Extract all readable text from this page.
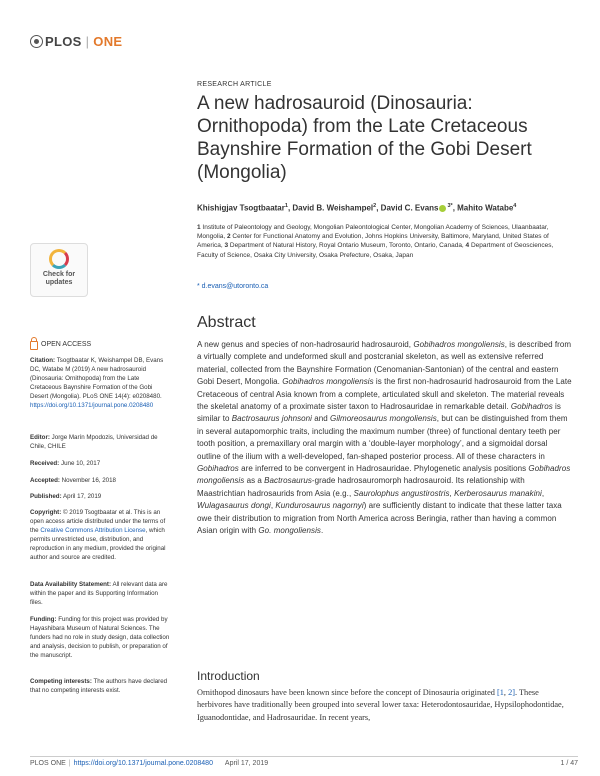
PLOS | ONE
RESEARCH ARTICLE
A new hadrosauroid (Dinosauria: Ornithopoda) from the Late Cretaceous Baynshire Formation of the Gobi Desert (Mongolia)
Khishigjav Tsogtbaatar$^1$, David B. Weishampel$^2$, David C. Evans $^{3*}$, Mahito Watabe$^4$
1 Institute of Paleontology and Geology, Mongolian Paleontological Center, Mongolian Academy of Sciences, Ulaanbaatar, Mongolia, 2 Center for Functional Anatomy and Evolution, Johns Hopkins University, Baltimore, Maryland, United States of America, 3 Department of Natural History, Royal Ontario Museum, Toronto, Ontario, Canada, 4 Department of Geosciences, Faculty of Science, Osaka City University, Osaka Prefecture, Osaka, Japan
* d.evans@utoronto.ca
Abstract

A new genus and species of non-hadrosaurid hadrosauroid, Gobihadros mongoliensis, is described from a virtually complete and undeformed skull and postcranial skeleton, as well as extensive referred material, collected from the Baynshire Formation (Cenomanian-Santonian) of the central and eastern Gobi Desert, Mongolia. Gobihadros mongoliensis is the first non-hadrosaurid hadrosauroid from the Late Cretaceous of central Asia known from a complete, articulated skull and skeleton. The material reveals the skeletal anatomy of a proximate sister taxon to Hadrosauridae in remarkable detail. Gobihadros is similar to Bactrosaurus johnsoni and Gilmoreosaurus mongoliensis, but can be distinguished from them in several autapomorphic traits, including the maximum number (three) of functional dentary teeth per tooth position, a premaxillary oral margin with a ‘double-layer morphology’, and a sigmoidal dorsal outline of the ilium with a well-developed, fan-shaped posterior process. All of these characters in Gobihadros are inferred to be convergent in Hadrosauridae. Phylogenetic analysis positions Gobihadros mongoliensis as a Bactrosaurus-grade hadrosauromorph hadrosauroid. Its relationship with Maastrichtian hadrosaurids from Asia (e.g., Saurolophus angustirostris, Kerberosaurus manakini, Wulagasaurus dongi, Kundurosaurus nagornyi) are sufficiently distant to indicate that these latter taxa owe their distribution to migration from North America across Beringia, rather than having a common Asian origin with Go. mongoliensis.

Introduction

Ornithopod dinosaurs have been known since before the concept of Dinosauria originated [1, 2]. These herbivores have traditionally been grouped into several lower taxa: Heterodontosauridae, Hypsilophodontidae, Iguanodontidae, and Hadrosauridae. In recent years,

Check for
updates
OPEN ACCESS
Citation: Tsogtbaatar K, Weishampel DB, Evans DC, Watabe M (2019) A new hadrosauroid (Dinosauria: Ornithopoda) from the Late Cretaceous Baynshire Formation of the Gobi Desert (Mongolia). PLoS ONE 14(4): e0208480. https://doi.org/10.1371/journal.pone.0208480
Editor: Jorge Marín Mpodozis, Universidad de Chile, CHILE
Received: June 10, 2017
Accepted: November 16, 2018
Published: April 17, 2019
Copyright: © 2019 Tsogtbaatar et al. This is an open access article distributed under the terms of the Creative Commons Attribution License, which permits unrestricted use, distribution, and reproduction in any medium, provided the original author and source are credited.
Data Availability Statement: All relevant data are within the paper and its Supporting Information files.
Funding: Funding for this project was provided by Hayashibara Museum of Natural Sciences. The funders had no role in study design, data collection and analysis, decision to publish, or preparation of the manuscript.
Competing interests: The authors have declared that no competing interests exist.
PLOS ONE | https://doi.org/10.1371/journal.pone.0208480 April 17, 2019	1 / 47
